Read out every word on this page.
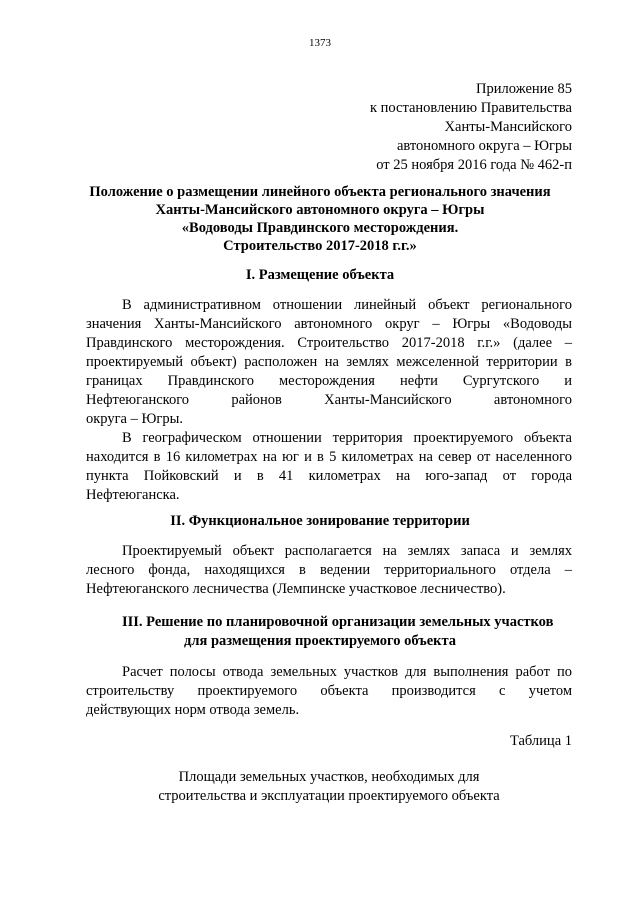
1373
Приложение 85
к постановлению Правительства
Ханты-Мансийского
автономного округа – Югры
от 25 ноября 2016 года № 462-п
Положение о размещении линейного объекта регионального значения
Ханты-Мансийского автономного округа – Югры
«Водоводы Правдинского месторождения.
Строительство 2017-2018 г.г.»
I. Размещение объекта
В административном отношении линейный объект регионального
значения Ханты-Мансийского автономного округ – Югры «Водоводы
Правдинского месторождения. Строительство 2017-2018 г.г.» (далее –
проектируемый объект) расположен на землях межселенной территории в
границах Правдинского месторождения нефти Сургутского и
Нефтеюганского районов Ханты-Мансийского автономного
округа – Югры.
В географическом отношении территория проектируемого объекта
находится в 16 километрах на юг и в 5 километрах на север от населенного
пункта Пойковский и в 41 километрах на юго-запад от города
Нефтеюганска.
II. Функциональное зонирование территории
Проектируемый объект располагается на землях запаса и землях
лесного фонда, находящихся в ведении территориального отдела –
Нефтеюганского лесничества (Лемпинске участковое лесничество).
III. Решение по планировочной организации земельных участков
для размещения проектируемого объекта
Расчет полосы отвода земельных участков для выполнения работ по
строительству проектируемого объекта производится с учетом
действующих норм отвода земель.
Таблица 1
Площади земельных участков, необходимых для
строительства и эксплуатации проектируемого объекта
